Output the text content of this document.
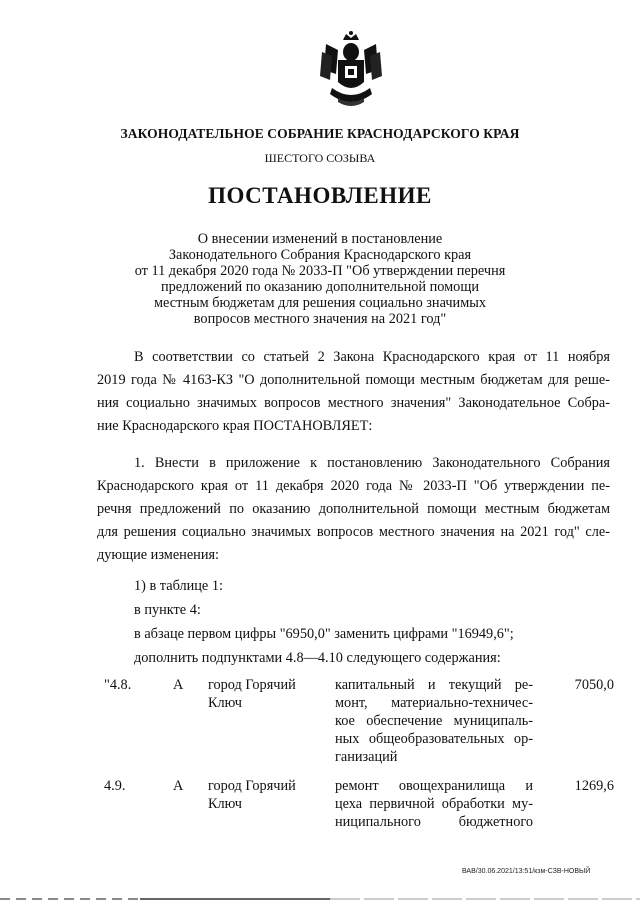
ЗАКОНОДАТЕЛЬНОЕ СОБРАНИЕ КРАСНОДАРСКОГО КРАЯ
ШЕСТОГО СОЗЫВА
ПОСТАНОВЛЕНИЕ
О внесении изменений в постановление
Законодательного Собрания Краснодарского края
от 11 декабря 2020 года № 2033-П "Об утверждении перечня
предложений по оказанию дополнительной помощи
местным бюджетам для решения социально значимых
вопросов местного значения на 2021 год"
В соответствии со статьей 2 Закона Краснодарского края от 11 ноября
2019 года № 4163-КЗ "О дополнительной помощи местным бюджетам для реше-
ния социально значимых вопросов местного значения" Законодательное Собра-
ние Краснодарского края ПОСТАНОВЛЯЕТ:
1. Внести в приложение к постановлению Законодательного Собрания
Краснодарского края от 11 декабря 2020 года № 2033-П "Об утверждении пе-
речня предложений по оказанию дополнительной помощи местным бюджетам
для решения социально значимых вопросов местного значения на 2021 год" сле-
дующие изменения:
1) в таблице 1:
в пункте 4:
в абзаце первом цифры "6950,0" заменить цифрами "16949,6";
дополнить подпунктами 4.8—4.10 следующего содержания:
"4.8.	А город Горячий
Ключ
капитальный и текущий ре-
монт, материально-техничес-
кое обеспечение муниципаль-
ных общеобразовательных ор-
ганизаций
7050,0
4.9.	А город Горячий
Ключ
ремонт овощехранилища и
цеха первичной обработки му-
ниципального бюджетного
1269,6
ВАВ/30.06.2021/13:51/кзм-СЗВ-НОВЫЙ
